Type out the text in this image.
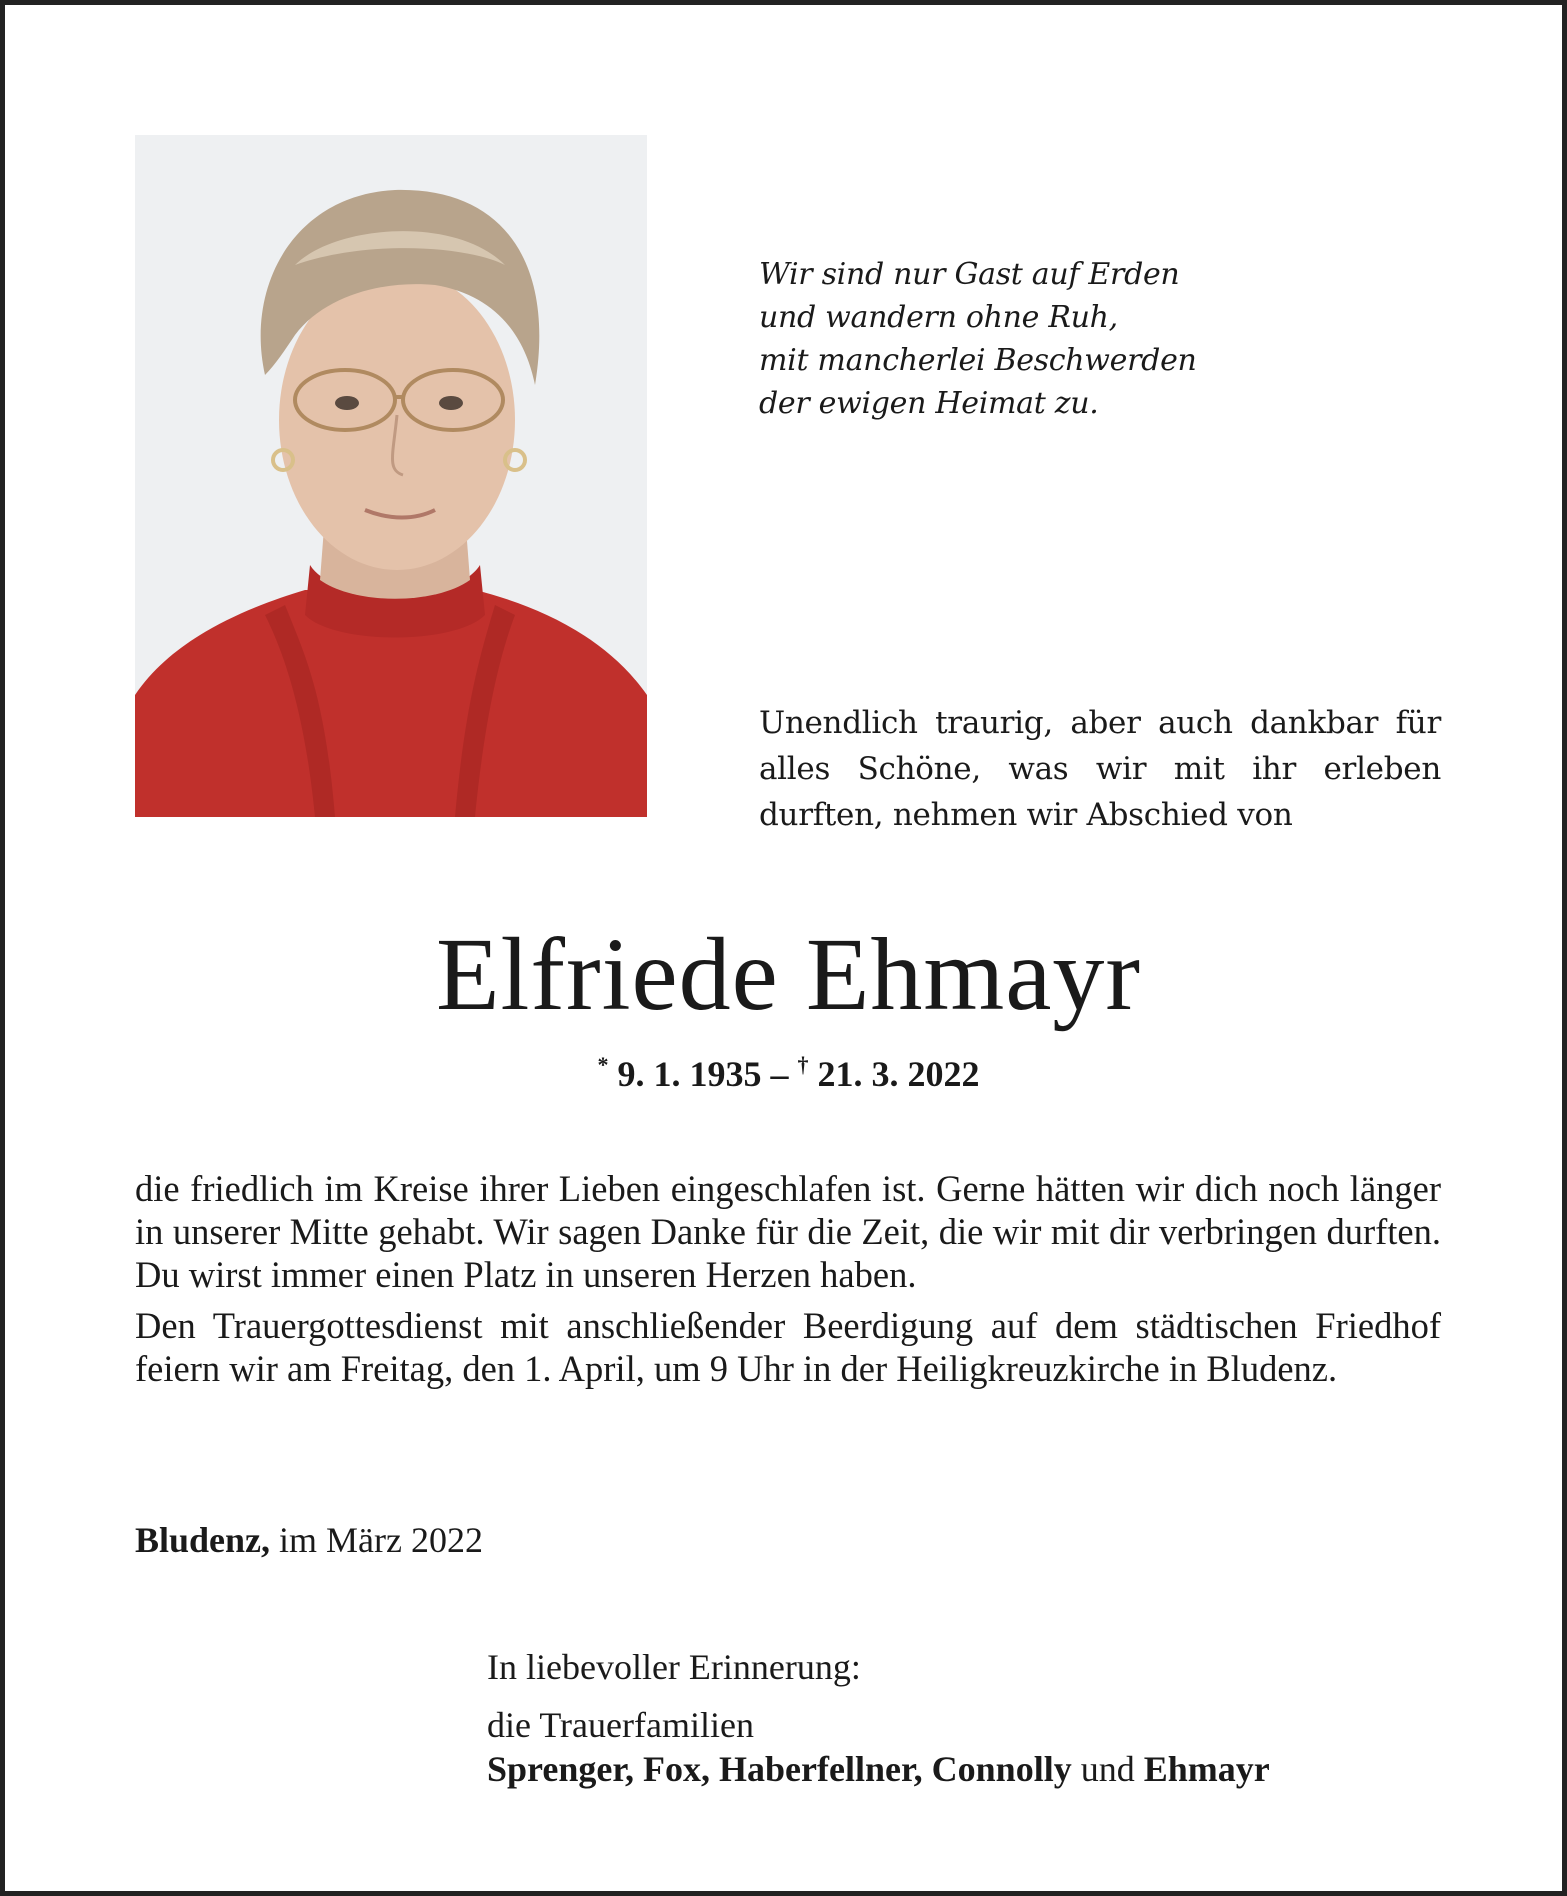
Wir sind nur Gast auf Erden
und wandern ohne Ruh,
mit mancherlei Beschwerden
der ewigen Heimat zu.
Unendlich traurig, aber auch dankbar für alles Schöne, was wir mit ihr erleben durften, nehmen wir Abschied von
Elfriede Ehmayr
* 9. 1. 1935 – † 21. 3. 2022

die friedlich im Kreise ihrer Lieben eingeschlafen ist. Gerne hätten wir dich noch länger in unserer Mitte gehabt. Wir sagen Danke für die Zeit, die wir mit dir verbringen durften. Du wirst immer einen Platz in unseren Herzen haben.

Den Trauergottesdienst mit anschließender Beerdigung auf dem städtischen Friedhof feiern wir am Freitag, den 1. April, um 9 Uhr in der Heiligkreuzkirche in Bludenz.

Bludenz, im März 2022
In liebevoller Erinnerung:
die Trauerfamilien
Sprenger, Fox, Haberfellner, Connolly und Ehmayr
